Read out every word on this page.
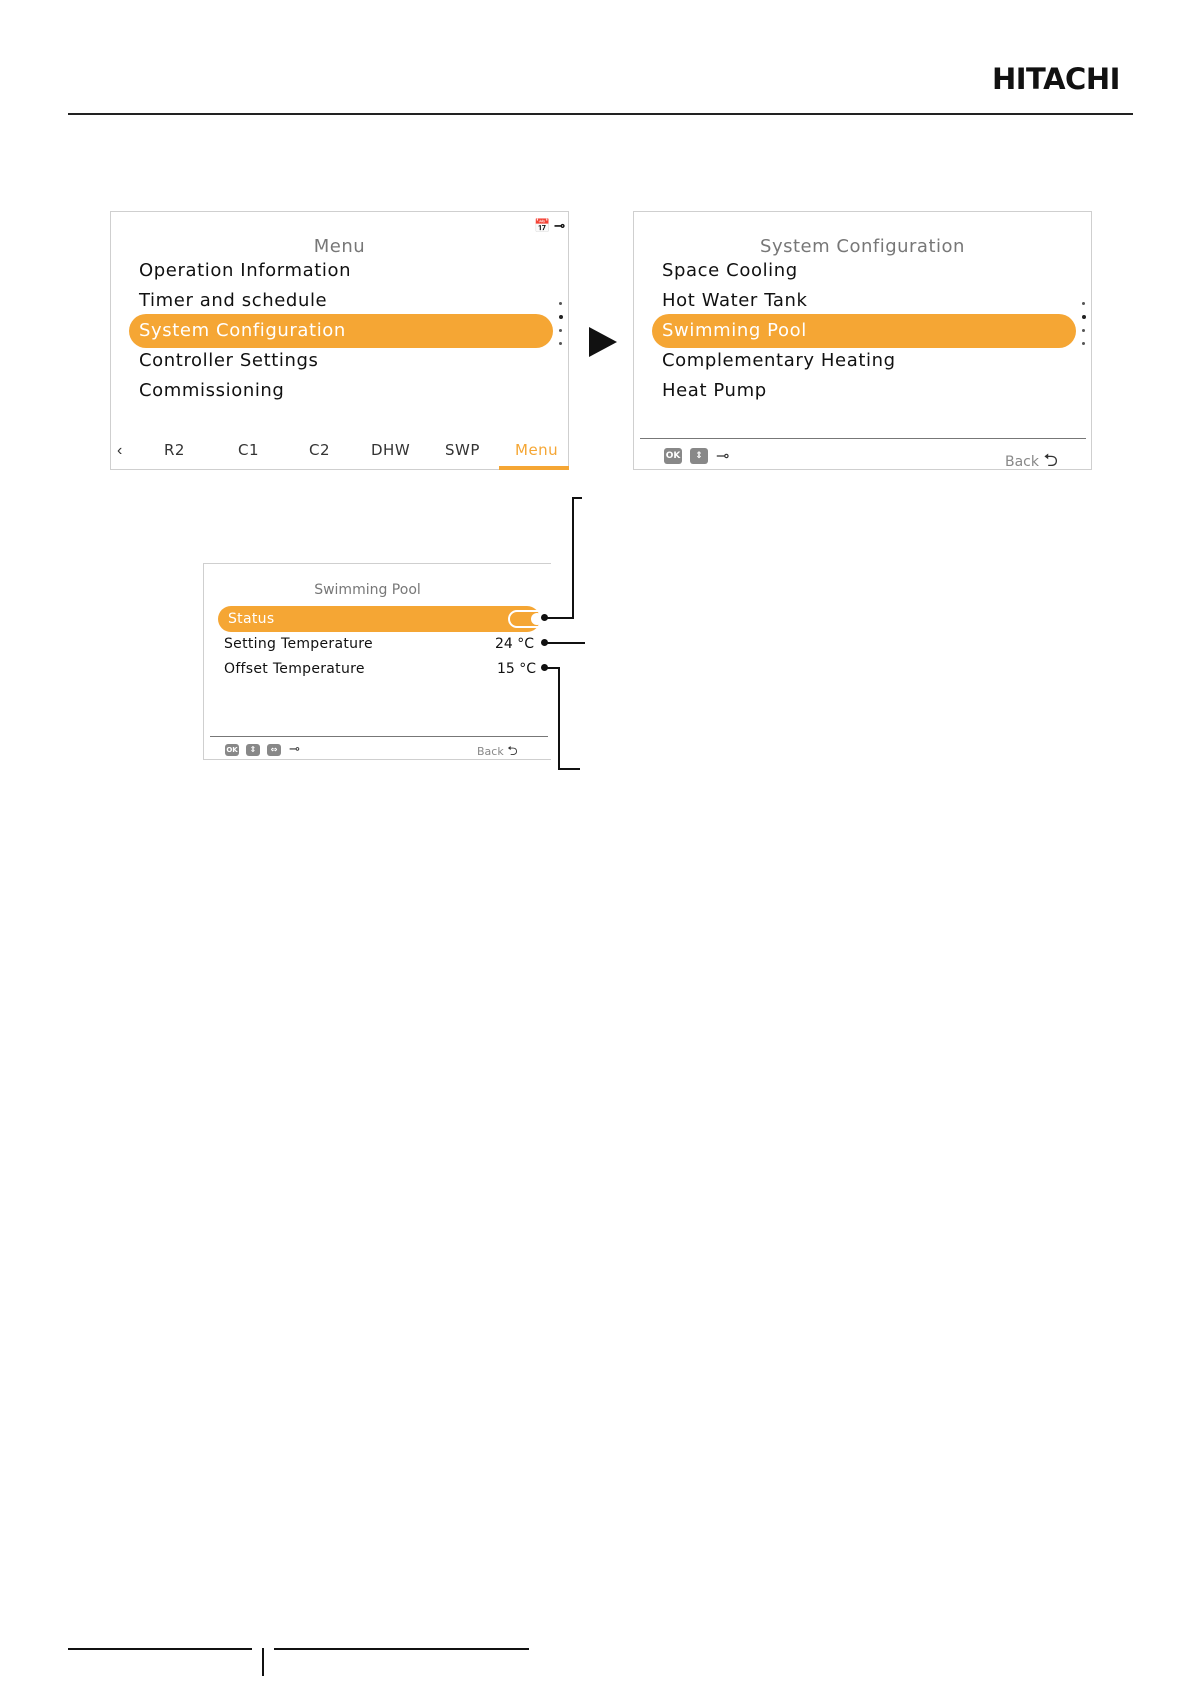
HITACHI
📅 ⊸
Menu
Operation Information
Timer and schedule
System Configuration
Controller Settings
Commissioning
‹	R2	C1	C2	DHW SWP Menu
System Configuration
Space Cooling
Hot Water Tank
Swimming Pool
Complementary Heating
Heat Pump
OK	⇕ ⊸	Back ⮌
Swimming Pool
Status
Setting Temperature	24 °C
Offset Temperature	15 °C
OK	⇕	⇔ ⊸	Back ⮌
